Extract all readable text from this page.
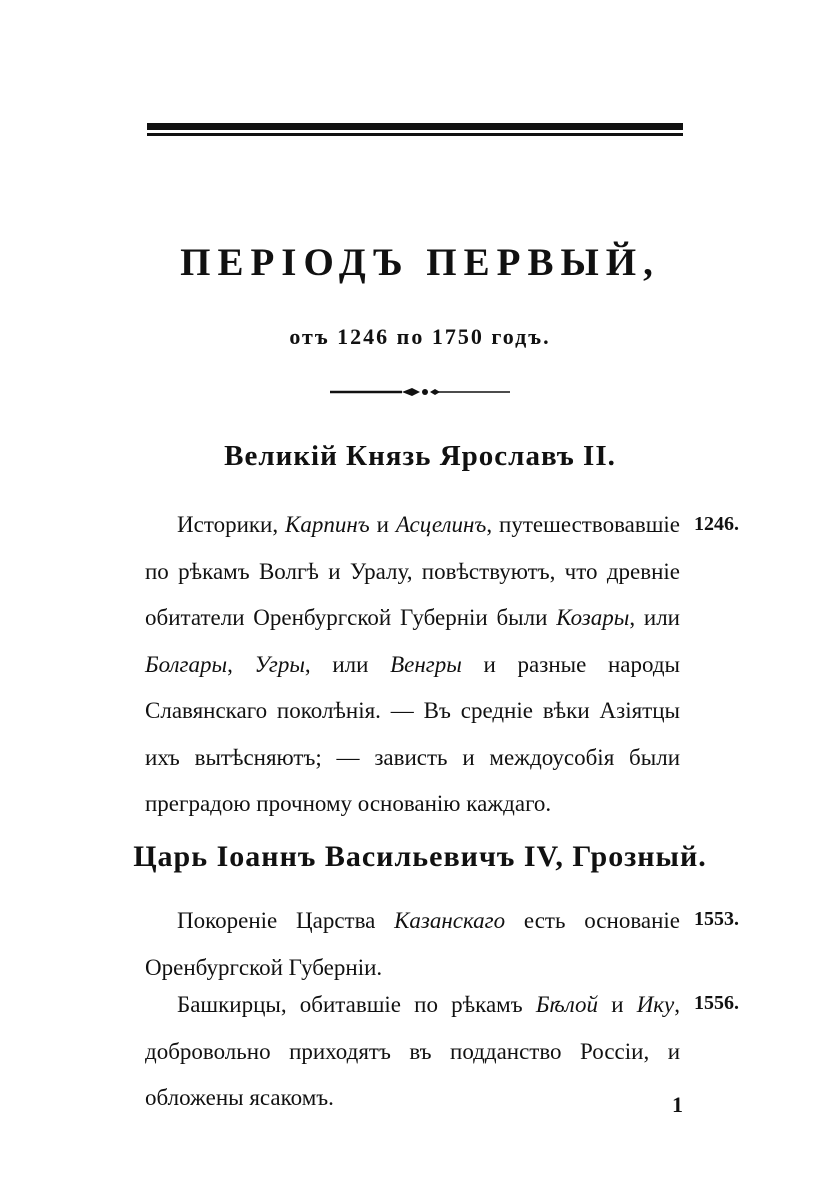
ПЕРІОДЪ ПЕРВЫЙ,
отъ 1246 по 1750 годъ.
Великій Князь Ярославъ II.
Историки, Карпинъ и Асцелинъ, путешествовавшіе по рѣкамъ Волгѣ и Уралу, повѣствуютъ, что древніе обитатели Оренбургской Губерніи были Козары, или Болгары, Угры, или Венгры и разные народы Славянскаго поколѣнія. — Въ средніе вѣки Азіятцы ихъ вытѣсняютъ; — зависть и междоусобія были преградою прочному основанію каждаго.
1246.
Царь Іоаннъ Васильевичъ IV, Грозный.
Покореніе Царства Казанскаго есть основаніе Оренбургской Губерніи.
1553.
Башкирцы, обитавшіе по рѣкамъ Бѣлой и Ику, добровольно приходятъ въ подданство Россіи, и обложены ясакомъ.
1556.
1
